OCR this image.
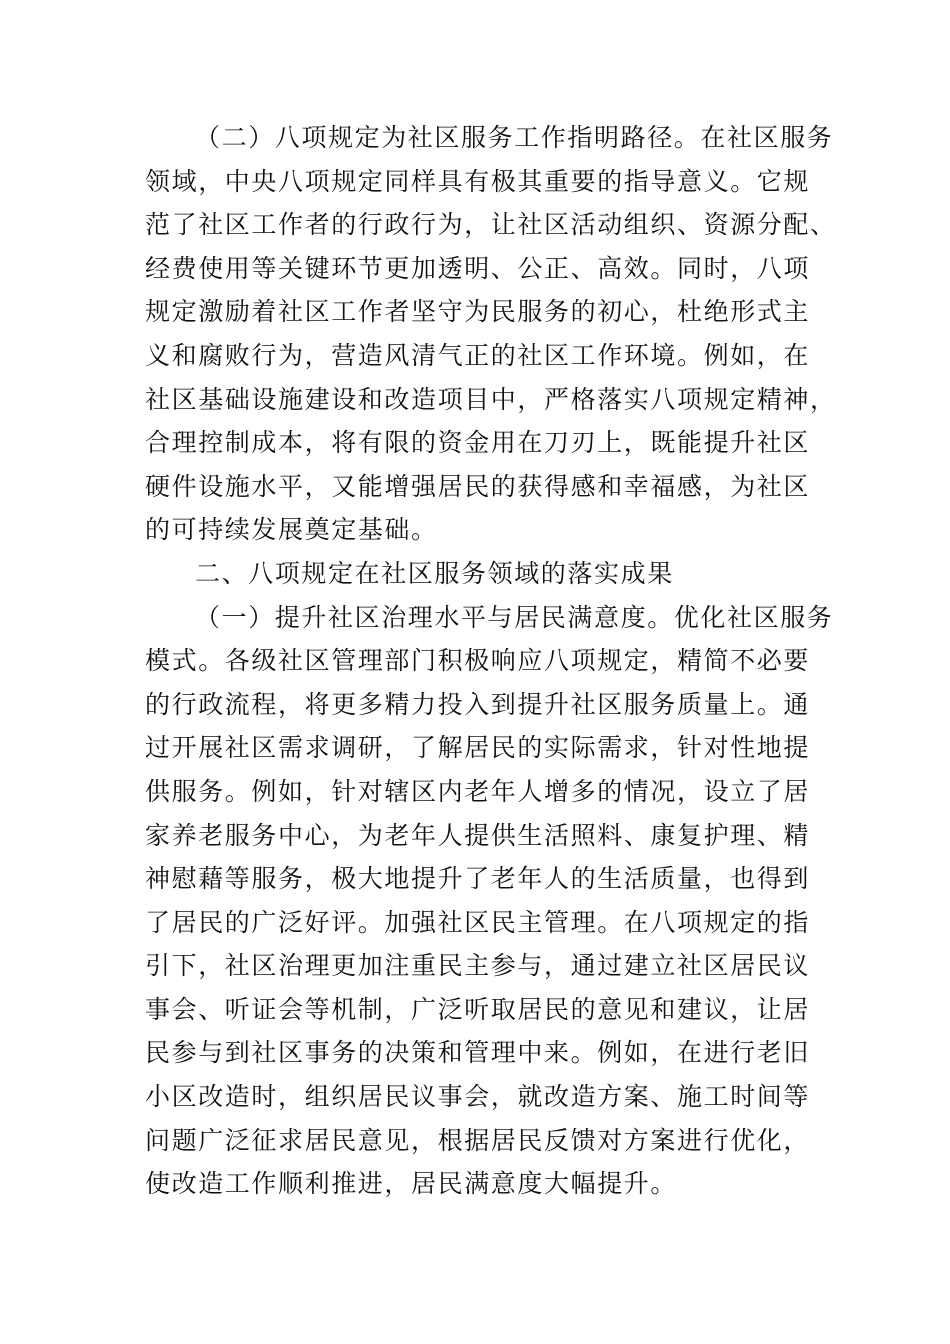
（二）八项规定为社区服务工作指明路径。在社区服务
领域，中央八项规定同样具有极其重要的指导意义。它规
范了社区工作者的行政行为，让社区活动组织、资源分配、
经费使用等关键环节更加透明、公正、高效。同时，八项
规定激励着社区工作者坚守为民服务的初心，杜绝形式主
义和腐败行为，营造风清气正的社区工作环境。例如，在
社区基础设施建设和改造项目中，严格落实八项规定精神，
合理控制成本，将有限的资金用在刀刃上，既能提升社区
硬件设施水平，又能增强居民的获得感和幸福感，为社区
的可持续发展奠定基础。
二、八项规定在社区服务领域的落实成果
（一）提升社区治理水平与居民满意度。优化社区服务
模式。各级社区管理部门积极响应八项规定，精简不必要
的行政流程，将更多精力投入到提升社区服务质量上。通
过开展社区需求调研，了解居民的实际需求，针对性地提
供服务。例如，针对辖区内老年人增多的情况，设立了居
家养老服务中心，为老年人提供生活照料、康复护理、精
神慰藉等服务，极大地提升了老年人的生活质量，也得到
了居民的广泛好评。加强社区民主管理。在八项规定的指
引下，社区治理更加注重民主参与，通过建立社区居民议
事会、听证会等机制，广泛听取居民的意见和建议，让居
民参与到社区事务的决策和管理中来。例如，在进行老旧
小区改造时，组织居民议事会，就改造方案、施工时间等
问题广泛征求居民意见，根据居民反馈对方案进行优化，
使改造工作顺利推进，居民满意度大幅提升。
